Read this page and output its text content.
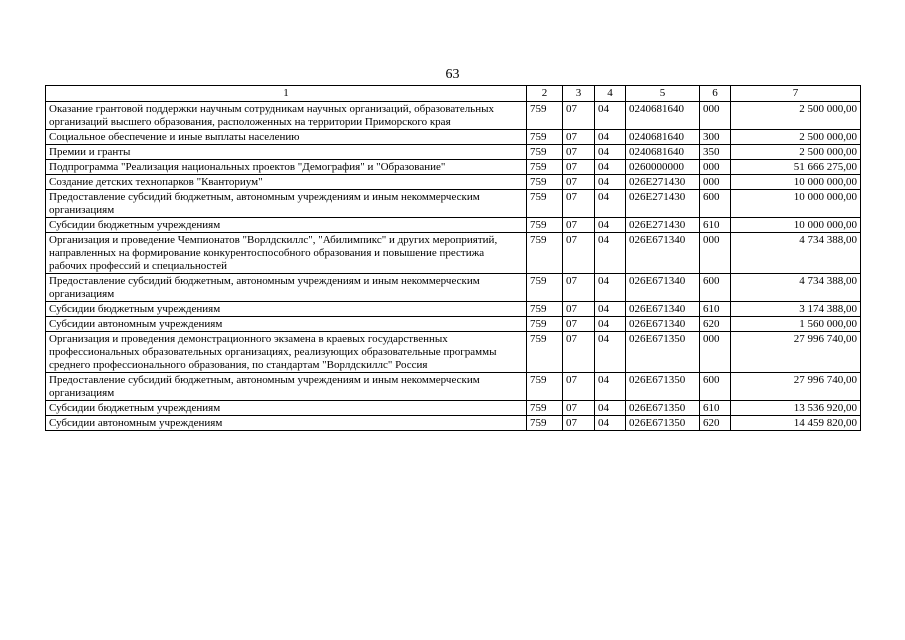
63
1	2	3	4	5	6	7
Оказание грантовой поддержки научным сотрудникам научных организаций, образовательных организаций высшего образования, расположенных на территории Приморского края	759	07	04	0240681640	000	2 500 000,00
Социальное обеспечение и иные выплаты населению	759	07	04	0240681640	300	2 500 000,00
Премии и гранты	759	07	04	0240681640	350	2 500 000,00
Подпрограмма "Реализация национальных проектов "Демография" и "Образование"	759	07	04	0260000000	000	51 666 275,00
Создание детских технопарков "Кванториум"	759	07	04	026E271430	000	10 000 000,00
Предоставление субсидий бюджетным, автономным учреждениям и иным некоммерческим организациям	759	07	04	026E271430	600	10 000 000,00
Субсидии бюджетным учреждениям	759	07	04	026E271430	610	10 000 000,00
Организация и проведение Чемпионатов "Ворлдскиллс", "Абилимпикс" и других мероприятий, направленных на формирование конкурентоспособного образования и повышение престижа рабочих профессий и специальностей	759	07	04	026E671340	000	4 734 388,00
Предоставление субсидий бюджетным, автономным учреждениям и иным некоммерческим организациям	759	07	04	026E671340	600	4 734 388,00
Субсидии бюджетным учреждениям	759	07	04	026E671340	610	3 174 388,00
Субсидии автономным учреждениям	759	07	04	026E671340	620	1 560 000,00
Организация и проведения демонстрационного экзамена в краевых государственных профессиональных образовательных организациях, реализующих образовательные программы среднего профессионального образования, по стандартам "Ворлдскиллс" Россия	759	07	04	026E671350	000	27 996 740,00
Предоставление субсидий бюджетным, автономным учреждениям и иным некоммерческим организациям	759	07	04	026E671350	600	27 996 740,00
Субсидии бюджетным учреждениям	759	07	04	026E671350	610	13 536 920,00
Субсидии автономным учреждениям	759	07	04	026E671350	620	14 459 820,00
